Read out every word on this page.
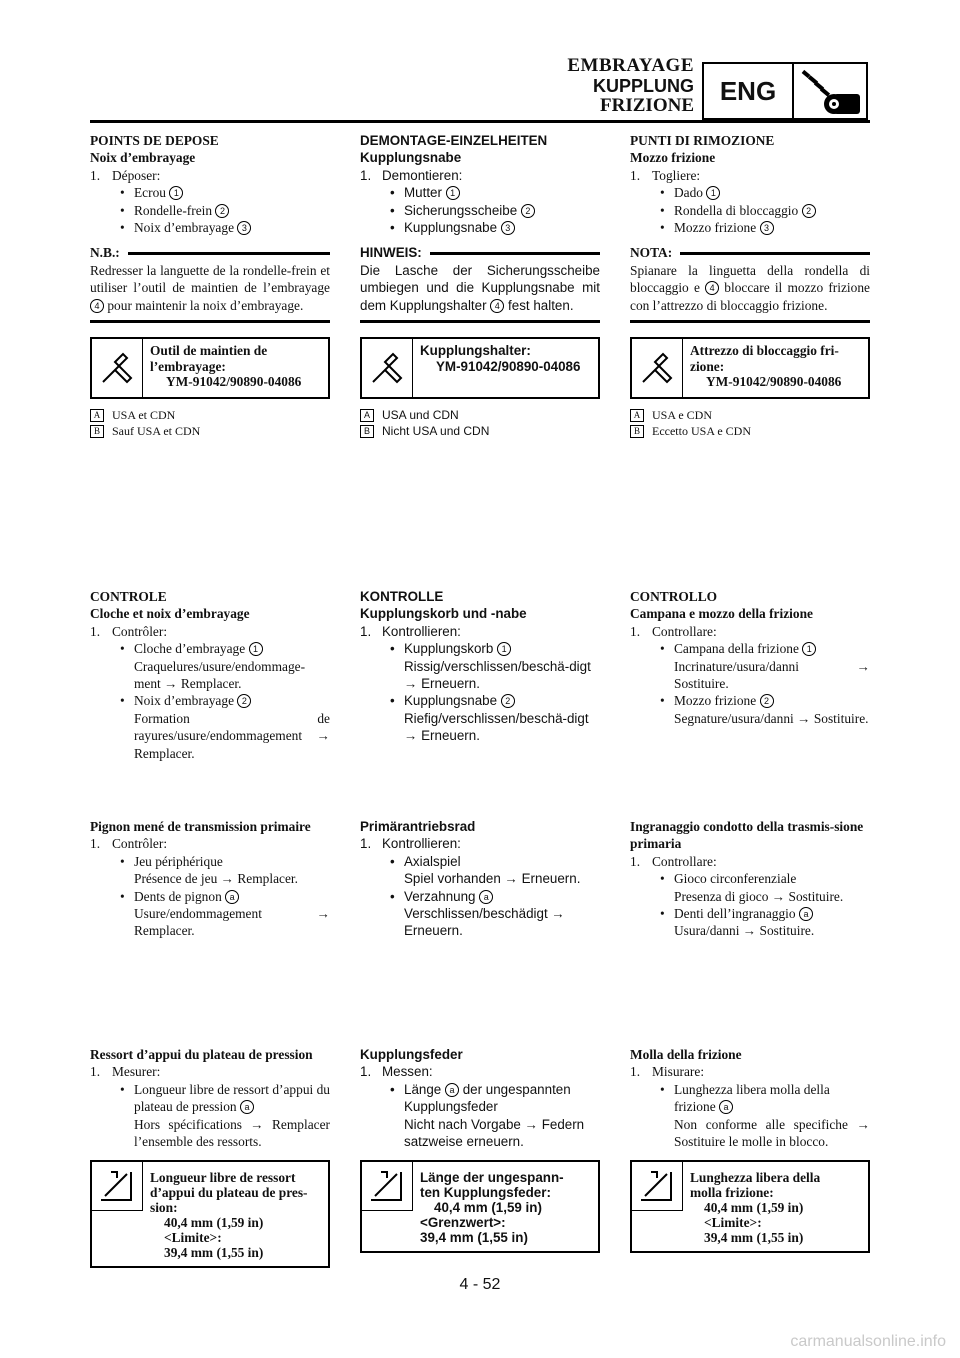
EMBRAYAGE
KUPPLUNG
FRIZIONE ENG

POINTS DE DEPOSE

Noix d’embrayage

1. Déposer:
• Ecrou 1
• Rondelle-frein 2
• Noix d’embrayage 3
N.B.:

Redresser la languette de la rondelle-frein et utiliser l’outil de maintien de l’embrayage 4 pour maintenir la noix d’embrayage.

Outil de maintien de
l’embrayage:
YM-91042/90890-04086
A USA et CDN
B	Sauf USA et CDN

CONTROLE

Cloche et noix d’embrayage

1. Contrôler:
• Cloche d’embrayage 1
Craquelures/usure/endommage-ment → Remplacer.
• Noix d’embrayage 2
Formation de rayures/usure/endommagement → Remplacer.

Pignon mené de transmission primaire

1. Contrôler:
• Jeu périphérique
Présence de jeu → Remplacer.
• Dents de pignon a
Usure/endommagement → Remplacer.

Ressort d’appui du plateau de pression

1. Mesurer:
• Longueur libre de ressort d’appui du plateau de pression a
Hors spécifications → Remplacer l’ensemble des ressorts.
Longueur libre de ressort
d’appui du plateau de pres-
sion:
40,4 mm (1,59 in)
<Limite>:
39,4 mm (1,55 in)

DEMONTAGE-EINZELHEITEN

Kupplungsnabe

1. Demontieren:
• Mutter 1
• Sicherungsscheibe 2
• Kupplungsnabe 3
HINWEIS:

Die Lasche der Sicherungsscheibe umbiegen und die Kupplungsnabe mit dem Kupplungshalter 4 fest halten.

Kupplungshalter:
YM-91042/90890-04086
A	USA und CDN
B	Nicht USA und CDN

KONTROLLE

Kupplungskorb und -nabe

1. Kontrollieren:
• Kupplungskorb 1
Rissig/verschlissen/beschä-digt → Erneuern.
• Kupplungsnabe 2
Riefig/verschlissen/beschä-digt → Erneuern.

Primärantriebsrad

1. Kontrollieren:
• Axialspiel
Spiel vorhanden → Erneuern.
• Verzahnung a
Verschlissen/beschädigt → Erneuern.

Kupplungsfeder

1. Messen:
• Länge a der ungespannten Kupplungsfeder
Nicht nach Vorgabe → Federn satzweise erneuern.
Länge der ungespann-
ten Kupplungsfeder:
40,4 mm (1,59 in)
<Grenzwert>:
39,4 mm (1,55 in)

PUNTI DI RIMOZIONE

Mozzo frizione

1. Togliere:
• Dado 1
• Rondella di bloccaggio 2
• Mozzo frizione 3
NOTA:

Spianare la linguetta della rondella di bloccaggio e 4 bloccare il mozzo frizione con l’attrezzo di bloccaggio frizione.

Attrezzo di bloccaggio fri-
zione:
YM-91042/90890-04086
A USA e CDN
B	Eccetto USA e CDN

CONTROLLO

Campana e mozzo della frizione

1. Controllare:
• Campana della frizione 1
Incrinature/usura/danni → Sostituire.
• Mozzo frizione 2
Segnature/usura/danni → Sostituire.

Ingranaggio condotto della trasmis-sione primaria

1. Controllare:
• Gioco circonferenziale
Presenza di gioco → Sostituire.
• Denti dell’ingranaggio a
Usura/danni → Sostituire.

Molla della frizione

1. Misurare:
• Lunghezza libera molla della frizione a
Non conforme alle specifiche → Sostituire le molle in blocco.
Lunghezza libera della
molla frizione:
40,4 mm (1,59 in)
<Limite>:
39,4 mm (1,55 in)
4 - 52
carmanualsonline.info
